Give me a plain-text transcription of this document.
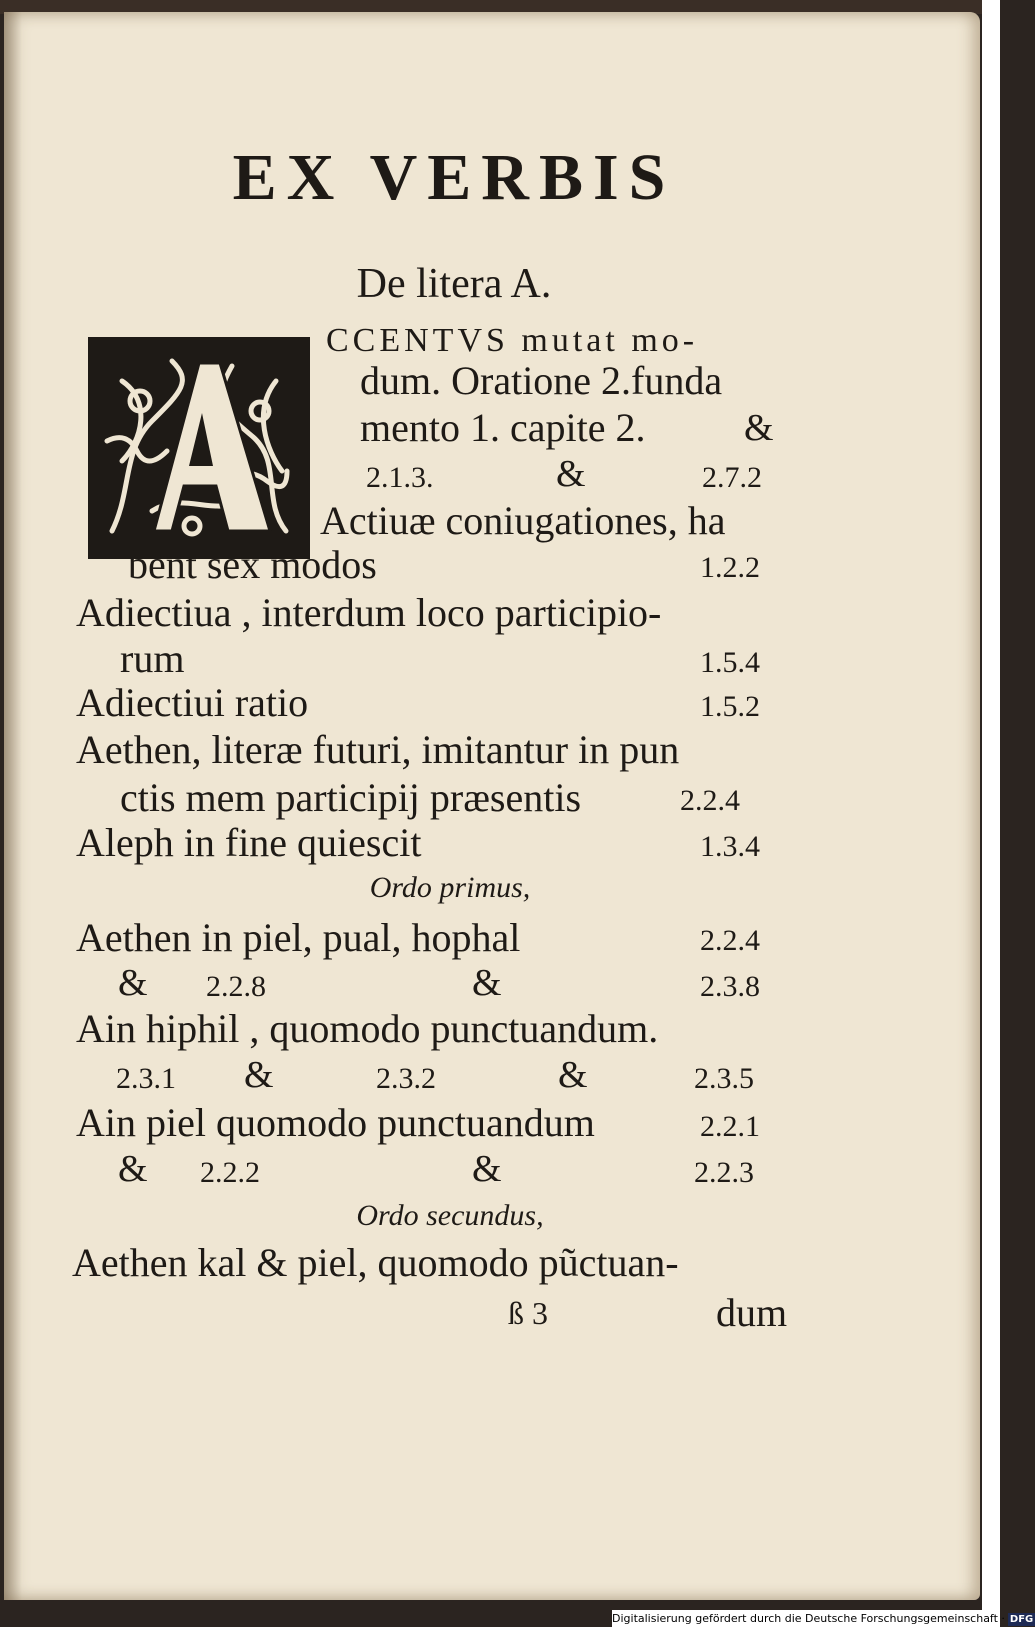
EX VERBIS
De litera A.
CCENTVS mutat mo-
dum. Oratione 2.funda
mento 1. capite 2.	&
2.1.3.	&	2.7.2
Actiuæ coniugationes, ha
bent sex modos	1.2.2
Adiectiua , interdum loco participio-
rum	1.5.4
Adiectiui ratio	1.5.2
Aethen, literæ futuri, imitantur in pun
ctis mem participij præsentis	2.2.4
Aleph in fine quiescit	1.3.4
Ordo primus,
Aethen in piel, pual, hophal	2.2.4
& 2.2.8	&	2.3.8
Ain hiphil , quomodo punctuandum.
2.3.1 &	2.3.2	&	2.3.5
Ain piel quomodo punctuandum	2.2.1
& 2.2.2	&	2.2.3
Ordo secundus,
Aethen kal & piel, quomodo pũctuan-
ß 3	dum
Digitalisierung gefördert durch die Deutsche Forschungsgemeinschaft · DFG
